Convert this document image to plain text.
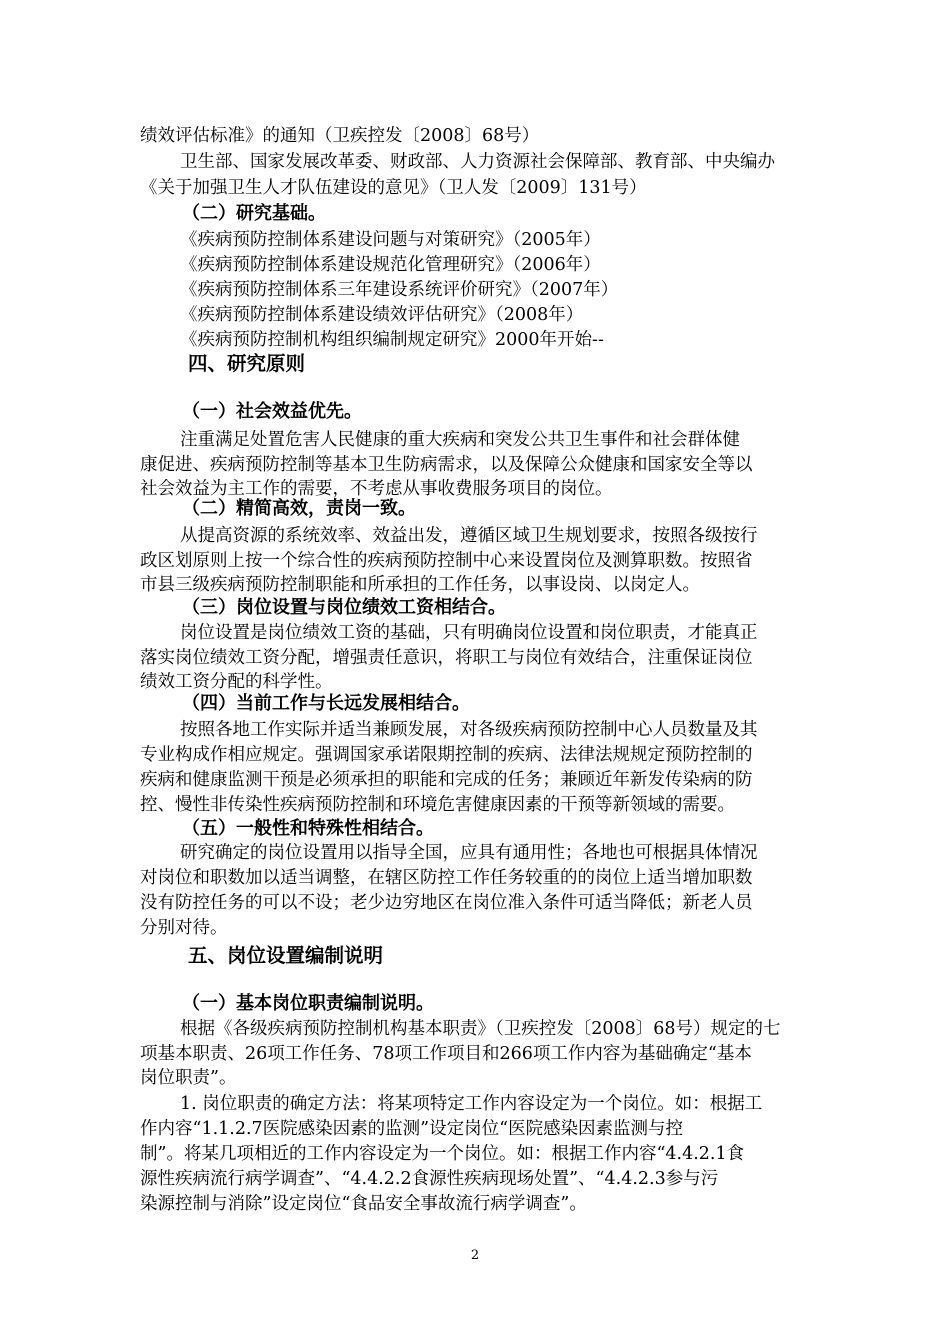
绩效评估标准》的通知（卫疾控发〔2008〕68号）
卫生部、国家发展改革委、财政部、人力资源社会保障部、教育部、中央编办
《关于加强卫生人才队伍建设的意见》（卫人发〔2009〕131号）
（二）研究基础。
《疾病预防控制体系建设问题与对策研究》（2005年）
《疾病预防控制体系建设规范化管理研究》（2006年）
《疾病预防控制体系三年建设系统评价研究》（2007年）
《疾病预防控制体系建设绩效评估研究》（2008年）
《疾病预防控制机构组织编制规定研究》2000年开始--
四、研究原则
（一）社会效益优先。
注重满足处置危害人民健康的重大疾病和突发公共卫生事件和社会群体健
康促进、疾病预防控制等基本卫生防病需求，以及保障公众健康和国家安全等以
社会效益为主工作的需要，不考虑从事收费服务项目的岗位。
（二）精简高效，责岗一致。
从提高资源的系统效率、效益出发，遵循区域卫生规划要求，按照各级按行
政区划原则上按一个综合性的疾病预防控制中心来设置岗位及测算职数。按照省
市县三级疾病预防控制职能和所承担的工作任务，以事设岗、以岗定人。
（三）岗位设置与岗位绩效工资相结合。
岗位设置是岗位绩效工资的基础，只有明确岗位设置和岗位职责，才能真正
落实岗位绩效工资分配，增强责任意识，将职工与岗位有效结合，注重保证岗位
绩效工资分配的科学性。
（四）当前工作与长远发展相结合。
按照各地工作实际并适当兼顾发展，对各级疾病预防控制中心人员数量及其
专业构成作相应规定。强调国家承诺限期控制的疾病、法律法规规定预防控制的
疾病和健康监测干预是必须承担的职能和完成的任务；兼顾近年新发传染病的防
控、慢性非传染性疾病预防控制和环境危害健康因素的干预等新领域的需要。
（五）一般性和特殊性相结合。
研究确定的岗位设置用以指导全国，应具有通用性；各地也可根据具体情况
对岗位和职数加以适当调整，在辖区防控工作任务较重的的岗位上适当增加职数
没有防控任务的可以不设；老少边穷地区在岗位准入条件可适当降低；新老人员
分别对待。
五、岗位设置编制说明
（一）基本岗位职责编制说明。
根据《各级疾病预防控制机构基本职责》（卫疾控发〔2008〕68号）规定的七
项基本职责、26项工作任务、78项工作项目和266项工作内容为基础确定“基本
岗位职责”。
1. 岗位职责的确定方法：将某项特定工作内容设定为一个岗位。如：根据工
作内容“1.1.2.7医院感染因素的监测”设定岗位“医院感染因素监测与控
制”。将某几项相近的工作内容设定为一个岗位。如：根据工作内容“4.4.2.1食
源性疾病流行病学调查”、“4.4.2.2食源性疾病现场处置”、“4.4.2.3参与污
染源控制与消除”设定岗位“食品安全事故流行病学调查”。
2
